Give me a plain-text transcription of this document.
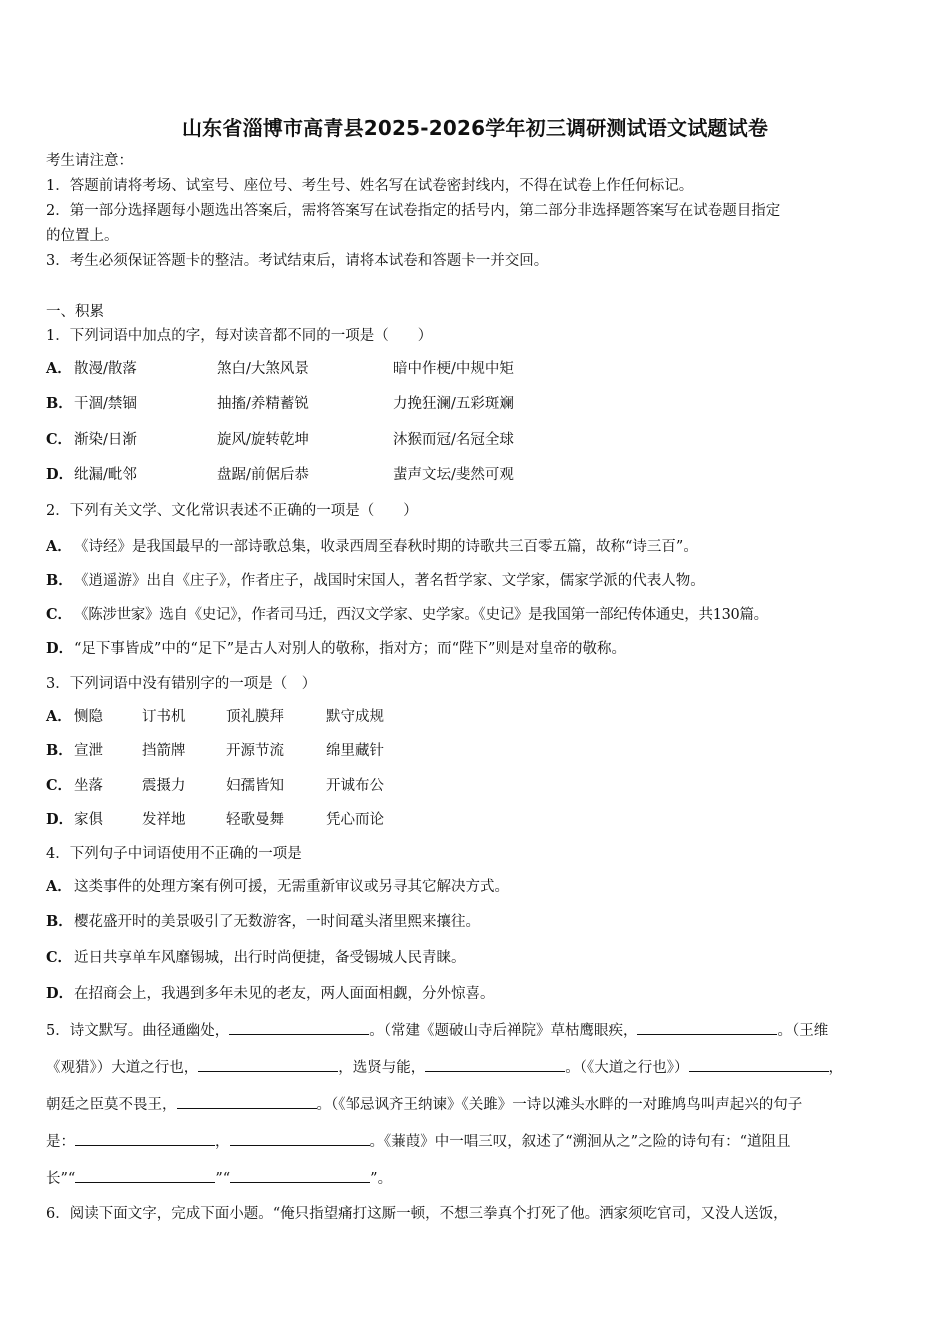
山东省淄博市高青县2025-2026学年初三调研测试语文试题试卷
考生请注意：
1．答题前请将考场、试室号、座位号、考生号、姓名写在试卷密封线内，不得在试卷上作任何标记。
2．第一部分选择题每小题选出答案后，需将答案写在试卷指定的括号内，第二部分非选择题答案写在试卷题目指定
的位置上。
3．考生必须保证答题卡的整洁。考试结束后，请将本试卷和答题卡一并交回。
一、积累
1．下列词语中加点的字，每对读音都不同的一项是（　　）
A． 散漫/散落	煞白/大煞风景	暗中作梗/中规中矩
B．干涸/禁锢	抽搐/养精蓄锐	力挽狂澜/五彩斑斓
C． 渐染/日渐	旋风/旋转乾坤	沐猴而冠/名冠全球
D．纰漏/毗邻	盘踞/前倨后恭	蜚声文坛/斐然可观
2．下列有关文学、文化常识表述不正确的一项是（　　）
A． 《诗经》是我国最早的一部诗歌总集，收录西周至春秋时期的诗歌共三百零五篇，故称“诗三百”。
B．《逍遥游》出自《庄子》，作者庄子，战国时宋国人，著名哲学家、文学家，儒家学派的代表人物。
C． 《陈涉世家》选自《史记》，作者司马迁，西汉文学家、史学家。《史记》是我国第一部纪传体通史，共130篇。
D．“足下事皆成”中的“足下”是古人对别人的敬称，指对方；而“陛下”则是对皇帝的敬称。
3．下列词语中没有错别字的一项是（　）
A． 恻隐	订书机	顶礼膜拜	默守成规
B．宣泄	挡箭牌	开源节流	绵里藏针
C． 坐落	震摄力	妇孺皆知	开诚布公
D．家俱	发祥地	轻歌曼舞	凭心而论
4．下列句子中词语使用不正确的一项是
A． 这类事件的处理方案有例可援，无需重新审议或另寻其它解决方式。
B．樱花盛开时的美景吸引了无数游客，一时间鼋头渚里熙来攘往。
C． 近日共享单车风靡锡城，出行时尚便捷，备受锡城人民青睐。
D．在招商会上，我遇到多年未见的老友，两人面面相觑，分外惊喜。
5．诗文默写。曲径通幽处，	。（常建《题破山寺后禅院》草枯鹰眼疾，	。（王维
《观猎》）大道之行也，	，选贤与能，	。（《大道之行也》）	，
朝廷之臣莫不畏王，	。（《邹忌讽齐王纳谏》《关雎》一诗以滩头水畔的一对雎鸠鸟叫声起兴的句子
是：	，	。《蒹葭》中一唱三叹，叙述了“溯洄从之”之险的诗句有：“道阻且
长”“	”“	”。
6．阅读下面文字，完成下面小题。“俺只指望痛打这厮一顿，不想三拳真个打死了他。洒家须吃官司，又没人送饭，
